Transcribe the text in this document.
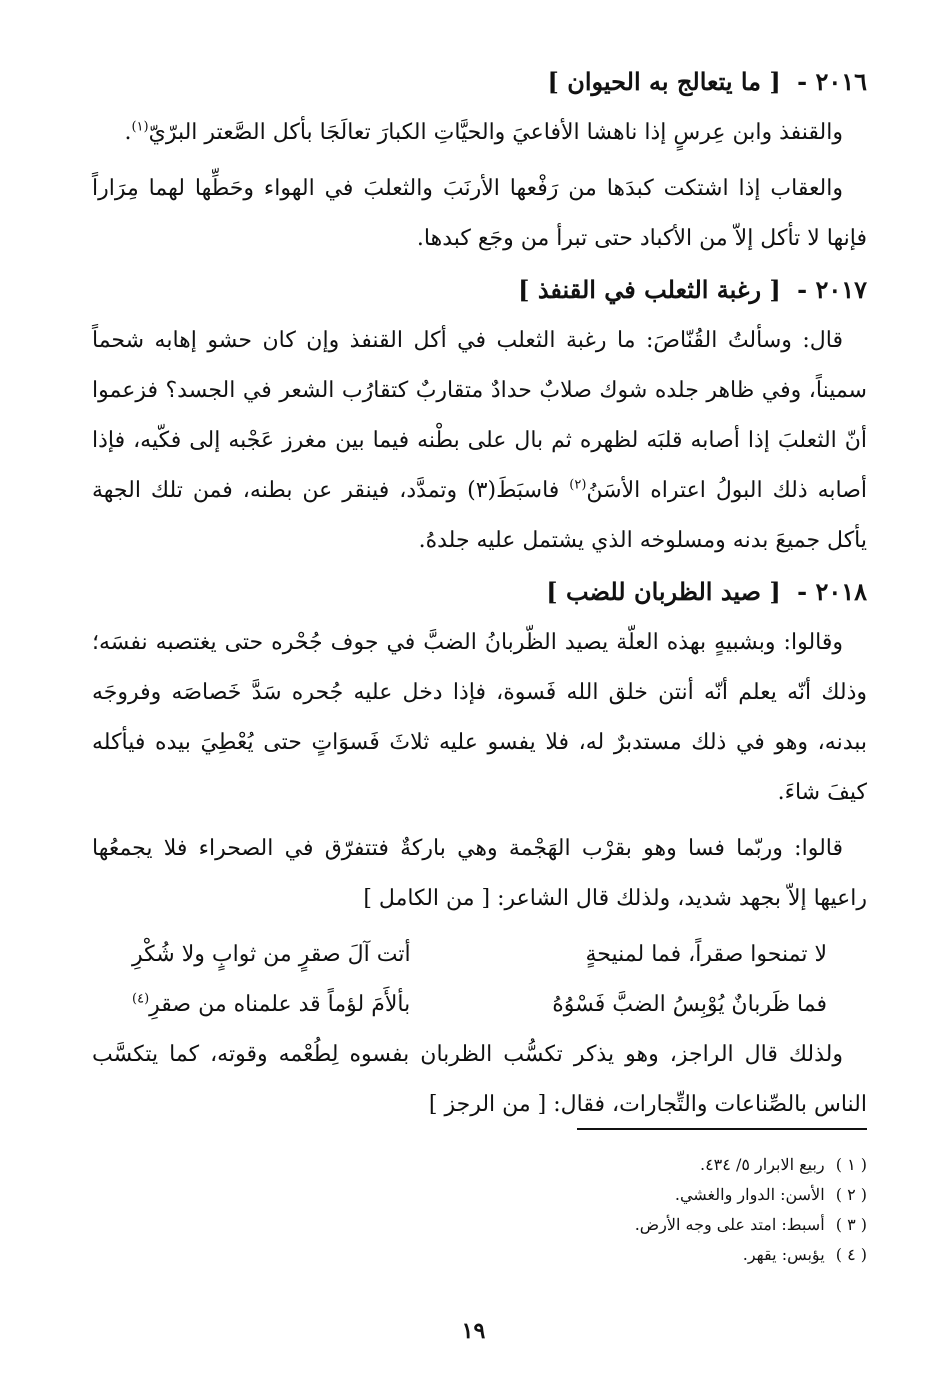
٢٠١٦ - [ ما يتعالج به الحيوان ]

والقنفذ وابن عِرسٍ إذا ناهشا الأفاعيَ والحيَّاتِ الكبارَ تعالَجَا بأكل الصَّعتر البرّيّ$^{(١)}$.

والعقاب إذا اشتكت كبدَها من رَفْعها الأرنَبَ والثعلبَ في الهواء وحَطِّها لهما مِرَاراً فإنها لا تأكل إلاّ من الأكباد حتى تبرأ من وجَع كبدها.

٢٠١٧ - [ رغبة الثعلب في القنفذ ]

قال: وسألتُ القُنّاصَ: ما رغبة الثعلب في أكل القنفذ وإن كان حشو إهابه شحماً سميناً، وفي ظاهر جلده شوك صلابٌ حدادٌ متقاربٌ كتقارُب الشعر في الجسد؟ فزعموا أنّ الثعلبَ إذا أصابه قلبَه لظهره ثم بال على بطْنه فيما بين مغرز عَجْبه إلى فكّيه، فإذا أصابه ذلك البولُ اعتراه الأسَنُ$^{(٢)}$ فاسبَطَ(٣) وتمدَّد، فينقر عن بطنه، فمن تلك الجهة يأكل جميعَ بدنه ومسلوخه الذي يشتمل عليه جلدهُ.

٢٠١٨ - [ صيد الظربان للضب ]

وقالوا: وبشبيهٍ بهذه العلّة يصيد الظّربانُ الضبَّ في جوف جُحْره حتى يغتصبه نفسَه؛ وذلك أنّه يعلم أنّه أنتن خلق الله فَسوة، فإذا دخل عليه جُحره سَدَّ خَصاصَه وفروجَه ببدنه، وهو في ذلك مستدبرٌ له، فلا يفسو عليه ثلاثَ فَسوَاتٍ حتى يُعْطِيَ بيده فيأكله كيفَ شاءَ.

قالوا: وربّما فسا وهو بقرْب الهَجْمة وهي باركةٌ فتتفرّق في الصحراء فلا يجمعُها راعيها إلاّ بجهد شديد، ولذلك قال الشاعر: [ من الكامل ]

لا تمنحوا صقراً، فما لمنيحةٍ
أتت آلَ صقرٍ من ثوابٍ ولا شُكْرِ
فما ظَربانٌ يُوْبِسُ الضبَّ فَسْوُهُ
بألأَمَ لؤماً قد علمناه من صقرِ$^{(٤)}$

ولذلك قال الراجز، وهو يذكر تكسُّب الظربان بفسوه لِطُعْمه وقوته، كما يتكسَّب الناس بالصِّناعات والتِّجارات، فقال: [ من الرجز ]

( ١ ) ربيع الابرار ٥/ ٤٣٤.
( ٢ ) الأسن: الدوار والغشي.
( ٣ ) أسبط: امتد على وجه الأرض.
( ٤ ) يؤبس: يقهر.
١٩
